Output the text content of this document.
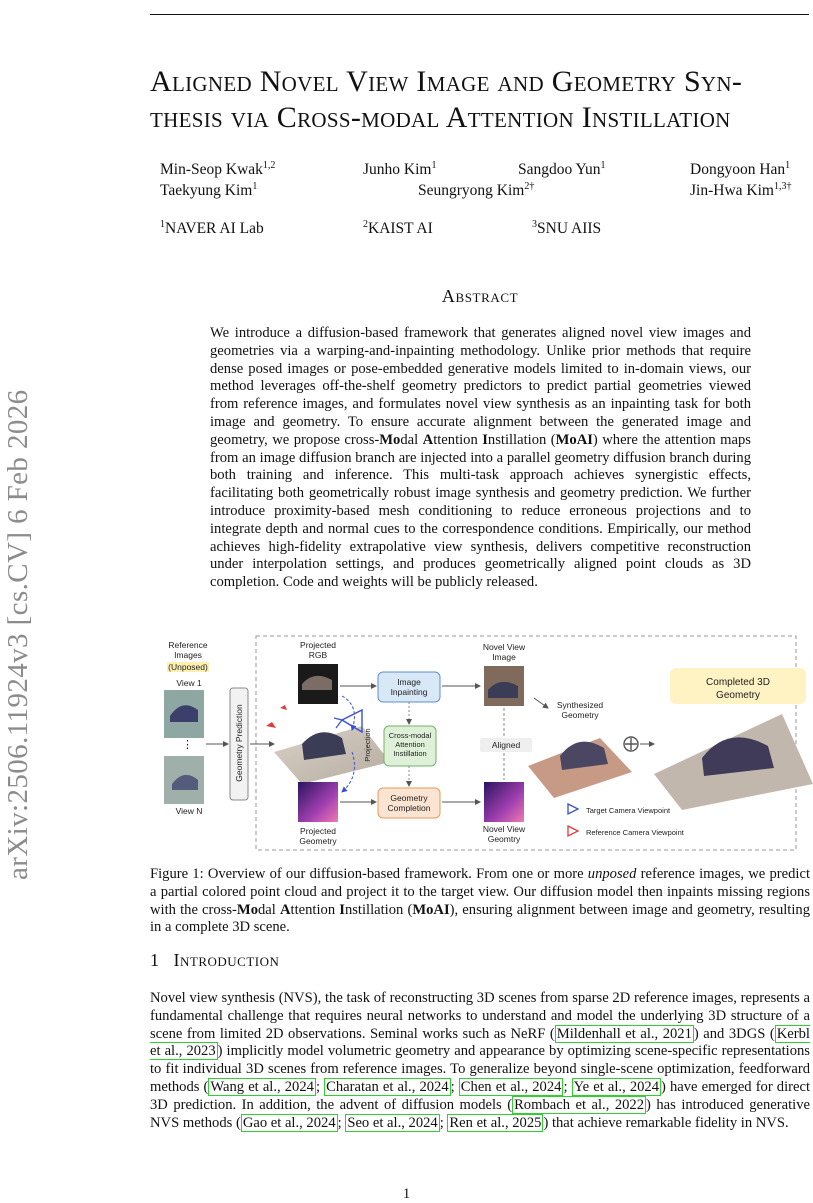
arXiv:2506.11924v3 [cs.CV] 6 Feb 2026
Aligned Novel View Image and Geometry Syn-
thesis via Cross-modal Attention Instillation
Min-Seop Kwak$^{1,2}$	Junho Kim$^1$	Sangdoo Yun$^1$	Dongyoon Han$^1$
Taekyung Kim$^1$	Seungryong Kim$^{2\dagger}$	Jin-Hwa Kim$^{1,3\dagger}$
$^1$NAVER AI Lab	$^2$KAIST AI	$^3$SNU AIIS
Abstract
We introduce a diffusion-based framework that generates aligned novel view images and geometries via a warping-and-inpainting methodology. Unlike prior methods that require dense posed images or pose-embedded generative models limited to in-domain views, our method leverages off-the-shelf geometry predictors to predict partial geometries viewed from reference images, and formulates novel view synthesis as an inpainting task for both image and geometry. To ensure accurate alignment between the generated image and geometry, we propose cross-Modal Attention Instillation (MoAI) where the attention maps from an image diffusion branch are injected into a parallel geometry diffusion branch during both training and inference. This multi-task approach achieves synergistic effects, facilitating both geometrically robust image synthesis and geometry prediction. We further introduce proximity-based mesh conditioning to reduce erroneous projections and to integrate depth and normal cues to the correspondence conditions. Empirically, our method achieves high-fidelity extrapolative view synthesis, delivers competitive reconstruction under interpolation settings, and produces geometrically aligned point clouds as 3D completion. Code and weights will be publicly released.
Reference Images
(Unposed)
View 1
⋮
View N
Geometry Prediction
Projected RGB
Projected Geometry
Projection
Image Inpainting
Cross-modal Attention Instillation
Geometry Completion
Novel View Image
Aligned
Novel View Geomtry
Synthesized Geometry
Completed 3D Geometry
Target Camera Viewpoint
Reference Camera Viewpoint
Figure 1: Overview of our diffusion-based framework. From one or more unposed reference images, we predict a partial colored point cloud and project it to the target view. Our diffusion model then inpaints missing regions with the cross-Modal Attention Instillation (MoAI), ensuring alignment between image and geometry, resulting in a complete 3D scene.
1 Introduction
Novel view synthesis (NVS), the task of reconstructing 3D scenes from sparse 2D reference images, represents a fundamental challenge that requires neural networks to understand and model the underlying 3D structure of a scene from limited 2D observations. Seminal works such as NeRF ( Mildenhall et al., 2021 ) and 3DGS ( Kerbl et al., 2023 ) implicitly model volumetric geometry and appearance by optimizing scene-specific representations to fit individual 3D scenes from reference images. To generalize beyond single-scene optimization, feedforward methods ( Wang et al., 2024 ; Charatan et al., 2024 ; Chen et al., 2024 ; Ye et al., 2024 ) have emerged for direct 3D prediction. In addition, the advent of diffusion models ( Rombach et al., 2022 ) has introduced generative NVS methods ( Gao et al., 2024 ; Seo et al., 2024 ; Ren et al., 2025 ) that achieve remarkable fidelity in NVS.
1
